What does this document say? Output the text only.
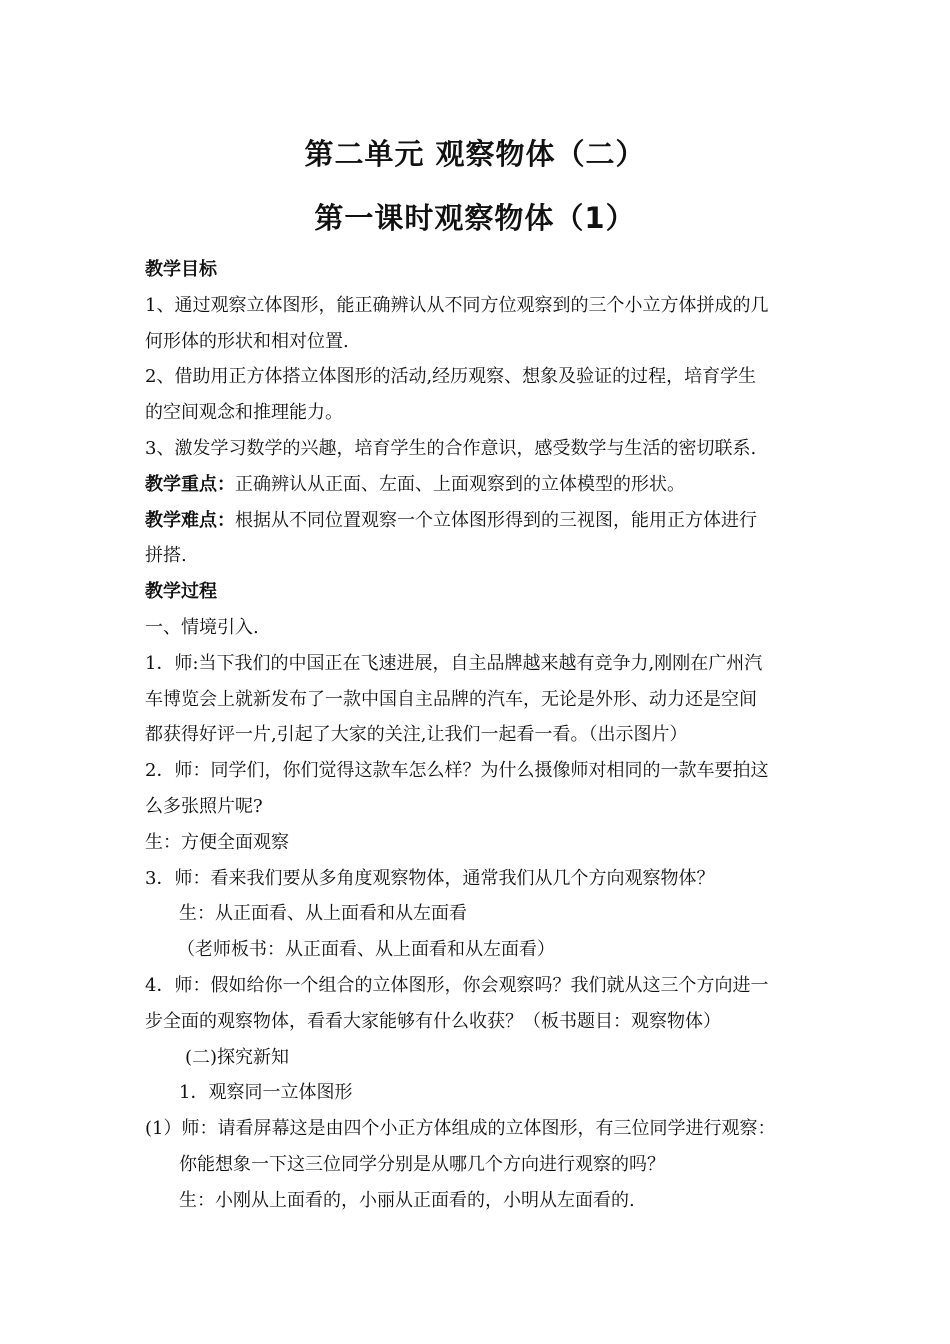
第二单元 观察物体（二）
第一课时观察物体（1）
教学目标
1、通过观察立体图形，能正确辨认从不同方位观察到的三个小立方体拼成的几
何形体的形状和相对位置.
2、借助用正方体搭立体图形的活动,经历观察、想象及验证的过程，培育学生
的空间观念和推理能力。
3、激发学习数学的兴趣，培育学生的合作意识，感受数学与生活的密切联系.
教学重点：正确辨认从正面、左面、上面观察到的立体模型的形状。
教学难点：根据从不同位置观察一个立体图形得到的三视图，能用正方体进行
拼搭.
教学过程
一、情境引入.
1．师:当下我们的中国正在飞速进展，自主品牌越来越有竞争力,刚刚在广州汽
车博览会上就新发布了一款中国自主品牌的汽车，无论是外形、动力还是空间
都获得好评一片,引起了大家的关注,让我们一起看一看。（出示图片）
2．师：同学们，你们觉得这款车怎么样？为什么摄像师对相同的一款车要拍这
么多张照片呢?
生：方便全面观察
3．师：看来我们要从多角度观察物体，通常我们从几个方向观察物体？
生：从正面看、从上面看和从左面看
（老师板书：从正面看、从上面看和从左面看）
4．师：假如给你一个组合的立体图形，你会观察吗？我们就从这三个方向进一
步全面的观察物体，看看大家能够有什么收获？（板书题目：观察物体）
(二)探究新知
1．观察同一立体图形
(1）师：请看屏幕这是由四个小正方体组成的立体图形，有三位同学进行观察：
你能想象一下这三位同学分别是从哪几个方向进行观察的吗？
生：小刚从上面看的，小丽从正面看的，小明从左面看的.
